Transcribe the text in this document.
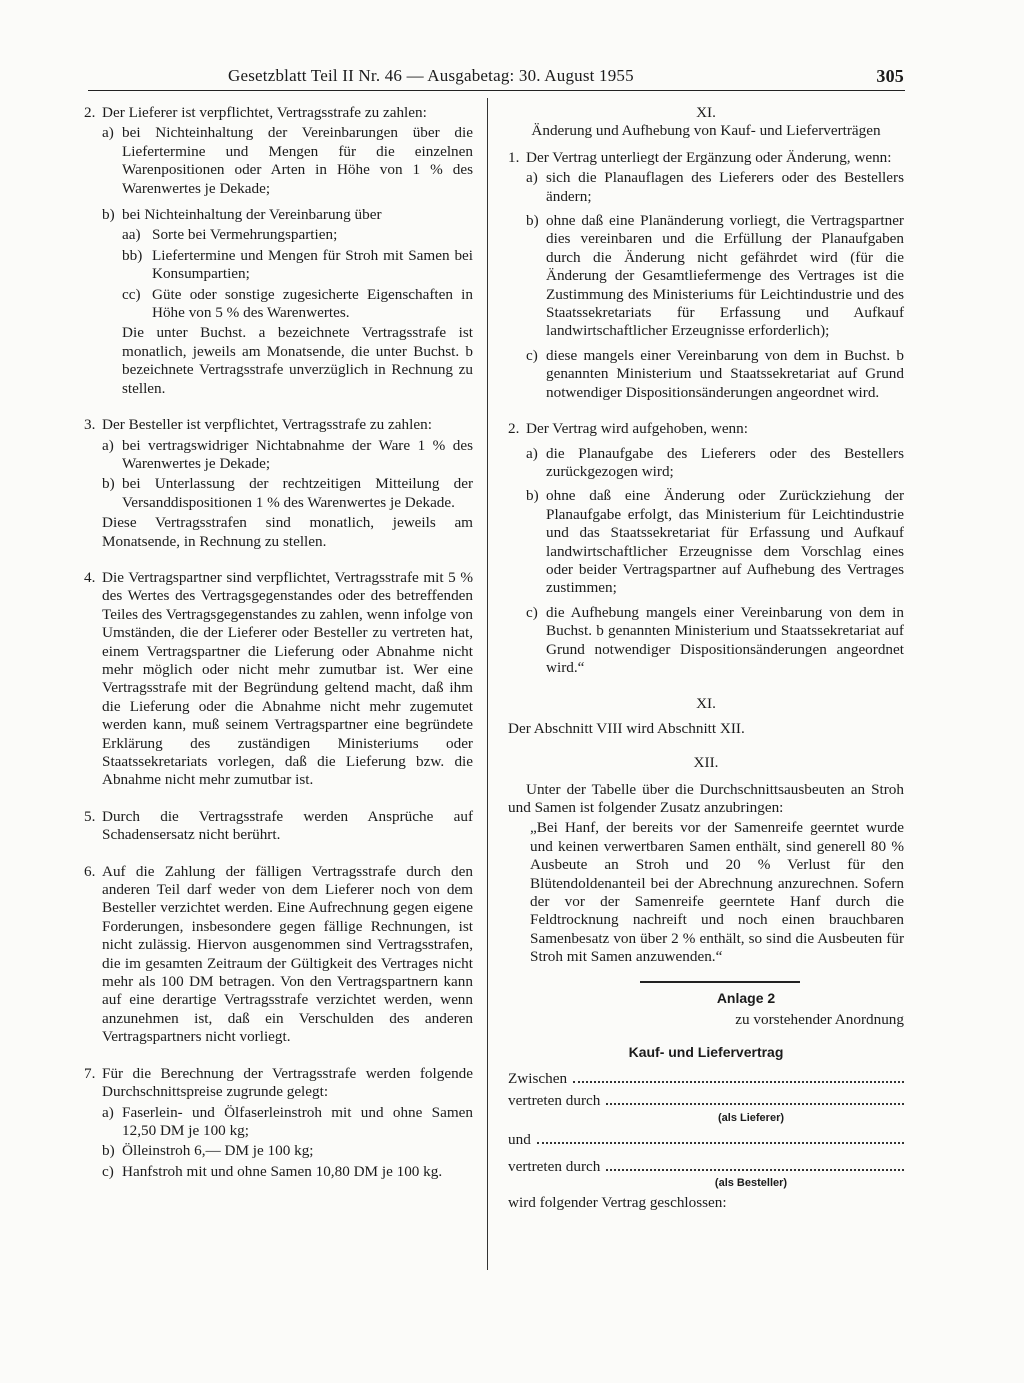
Gesetzblatt Teil II Nr. 46 — Ausgabetag: 30. August 1955	305
2. Der Lieferer ist verpflichtet, Vertragsstrafe zu zahlen:

a) bei Nichteinhaltung der Vereinbarungen über die Liefertermine und Mengen für die einzelnen Warenpositionen oder Arten in Höhe von 1 % des Warenwertes je Dekade;

b) bei Nichteinhaltung der Vereinbarung über

aa) Sorte bei Vermehrungspartien;

bb) Liefertermine und Mengen für Stroh mit Samen bei Konsumpartien;

cc) Güte oder sonstige zugesicherte Eigenschaften in Höhe von 5 % des Warenwertes.

Die unter Buchst. a bezeichnete Vertragsstrafe ist monatlich, jeweils am Monatsende, die unter Buchst. b bezeichnete Vertragsstrafe unverzüglich in Rechnung zu stellen.

3. Der Besteller ist verpflichtet, Vertragsstrafe zu zahlen:

a) bei vertragswidriger Nichtabnahme der Ware 1 % des Warenwertes je Dekade;

b) bei Unterlassung der rechtzeitigen Mitteilung der Versanddispositionen 1 % des Warenwertes je Dekade.

Diese Vertragsstrafen sind monatlich, jeweils am Monatsende, in Rechnung zu stellen.

4. Die Vertragspartner sind verpflichtet, Vertragsstrafe mit 5 % des Wertes des Vertragsgegenstandes oder des betreffenden Teiles des Vertragsgegenstandes zu zahlen, wenn infolge von Umständen, die der Lieferer oder Besteller zu vertreten hat, einem Vertragspartner die Lieferung oder Abnahme nicht mehr möglich oder nicht mehr zumutbar ist. Wer eine Vertragsstrafe mit der Begründung geltend macht, daß ihm die Lieferung oder die Abnahme nicht mehr zugemutet werden kann, muß seinem Vertragspartner eine begründete Erklärung des zuständigen Ministeriums oder Staatssekretariats vorlegen, daß die Lieferung bzw. die Abnahme nicht mehr zumutbar ist.

5. Durch die Vertragsstrafe werden Ansprüche auf Schadensersatz nicht berührt.

6. Auf die Zahlung der fälligen Vertragsstrafe durch den anderen Teil darf weder von dem Lieferer noch von dem Besteller verzichtet werden. Eine Aufrechnung gegen eigene Forderungen, insbesondere gegen fällige Rechnungen, ist nicht zulässig. Hiervon ausgenommen sind Vertragsstrafen, die im gesamten Zeitraum der Gültigkeit des Vertrages nicht mehr als 100 DM betragen. Von den Vertragspartnern kann auf eine derartige Vertragsstrafe verzichtet werden, wenn anzunehmen ist, daß ein Verschulden des anderen Vertragspartners nicht vorliegt.

7. Für die Berechnung der Vertragsstrafe werden folgende Durchschnittspreise zugrunde gelegt:

a) Faserlein- und Ölfaserleinstroh mit und ohne Samen 12,50 DM je 100 kg;

b) Ölleinstroh 6,— DM je 100 kg;

c) Hanfstroh mit und ohne Samen 10,80 DM je 100 kg.

XI.

Änderung und Aufhebung von Kauf- und Lieferverträgen

1. Der Vertrag unterliegt der Ergänzung oder Änderung, wenn:

a) sich die Planauflagen des Lieferers oder des Bestellers ändern;

b) ohne daß eine Planänderung vorliegt, die Vertragspartner dies vereinbaren und die Erfüllung der Planaufgaben durch die Änderung nicht gefährdet wird (für die Änderung der Gesamtliefermenge des Vertrages ist die Zustimmung des Ministeriums für Leichtindustrie und des Staatssekretariats für Erfassung und Aufkauf landwirtschaftlicher Erzeugnisse erforderlich);

c) diese mangels einer Vereinbarung von dem in Buchst. b genannten Ministerium und Staatssekretariat auf Grund notwendiger Dispositionsänderungen angeordnet wird.

2. Der Vertrag wird aufgehoben, wenn:

a) die Planaufgabe des Lieferers oder des Bestellers zurückgezogen wird;

b) ohne daß eine Änderung oder Zurückziehung der Planaufgabe erfolgt, das Ministerium für Leichtindustrie und das Staatssekretariat für Erfassung und Aufkauf landwirtschaftlicher Erzeugnisse dem Vorschlag eines oder beider Vertragspartner auf Aufhebung des Vertrages zustimmen;

c) die Aufhebung mangels einer Vereinbarung von dem in Buchst. b genannten Ministerium und Staatssekretariat auf Grund notwendiger Dispositionsänderungen angeordnet wird.“

XI.

Der Abschnitt VIII wird Abschnitt XII.

XII.

Unter der Tabelle über die Durchschnittsausbeuten an Stroh und Samen ist folgender Zusatz anzubringen:

„Bei Hanf, der bereits vor der Samenreife geerntet wurde und keinen verwertbaren Samen enthält, sind generell 80 % Ausbeute an Stroh und 20 % Verlust für den Blütendoldenanteil bei der Abrechnung anzurechnen. Sofern der vor der Samenreife geerntete Hanf durch die Feldtrocknung nachreift und noch einen brauchbaren Samenbesatz von über 2 % enthält, so sind die Ausbeuten für Stroh mit Samen anzuwenden.“

Anlage 2

zu vorstehender Anordnung

Kauf- und Liefervertrag

Zwischen
vertreten durch

(als Lieferer)

und
vertreten durch

(als Besteller)

wird folgender Vertrag geschlossen:
